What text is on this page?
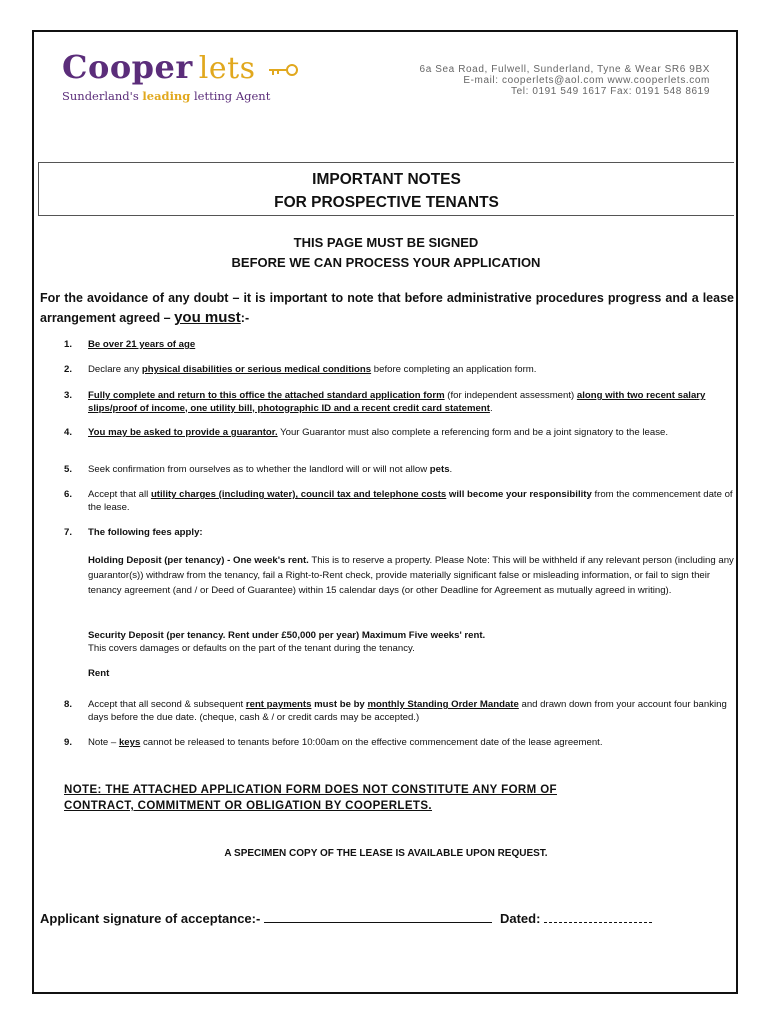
Cooper lets
Sunderland's leading letting Agent
6a Sea Road, Fulwell, Sunderland, Tyne & Wear SR6 9BX
E-mail: cooperlets@aol.com www.cooperlets.com
Tel: 0191 549 1617 Fax: 0191 548 8619
IMPORTANT NOTES
FOR PROSPECTIVE TENANTS
THIS PAGE MUST BE SIGNED
BEFORE WE CAN PROCESS YOUR APPLICATION
For the avoidance of any doubt – it is important to note that before administrative procedures progress and a lease arrangement agreed – you must:-
1. Be over 21 years of age
2. Declare any physical disabilities or serious medical conditions before completing an application form.
3. Fully complete and return to this office the attached standard application form (for independent assessment) along with two recent salary slips/proof of income, one utility bill, photographic ID and a recent credit card statement.
4. You may be asked to provide a guarantor. Your Guarantor must also complete a referencing form and be a joint signatory to the lease.
5. Seek confirmation from ourselves as to whether the landlord will or will not allow pets.
6. Accept that all utility charges (including water), council tax and telephone costs will become your responsibility from the commencement date of the lease.
7. The following fees apply:
Holding Deposit (per tenancy) - One week's rent. This is to reserve a property. Please Note: This will be withheld if any relevant person (including any guarantor(s)) withdraw from the tenancy, fail a Right-to-Rent check, provide materially significant false or misleading information, or fail to sign their tenancy agreement (and / or Deed of Guarantee) within 15 calendar days (or other Deadline for Agreement as mutually agreed in writing).
Security Deposit (per tenancy. Rent under £50,000 per year) Maximum Five weeks' rent.
This covers damages or defaults on the part of the tenant during the tenancy.
Rent
8. Accept that all second & subsequent rent payments must be by monthly Standing Order Mandate and drawn down from your account four banking days before the due date. (cheque, cash & / or credit cards may be accepted.)
9. Note – keys cannot be released to tenants before 10:00am on the effective commencement date of the lease agreement.
NOTE: THE ATTACHED APPLICATION FORM DOES NOT CONSTITUTE ANY FORM OF
CONTRACT, COMMITMENT OR OBLIGATION BY COOPERLETS.
A SPECIMEN COPY OF THE LEASE IS AVAILABLE UPON REQUEST.
Applicant signature of acceptance:-	Dated:
